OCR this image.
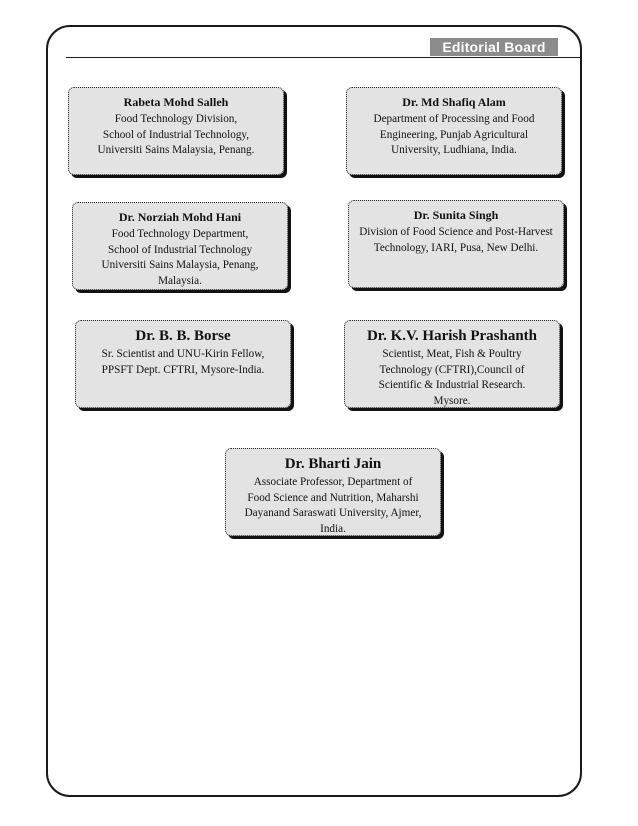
Editorial Board
Rabeta Mohd Salleh
Food Technology Division,
School of Industrial Technology,
Universiti Sains Malaysia, Penang.
Dr. Md Shafiq Alam
Department of Processing and Food
Engineering, Punjab Agricultural
University, Ludhiana, India.
Dr. Norziah Mohd Hani
Food Technology Department,
School of Industrial Technology
Universiti Sains Malaysia, Penang,
Malaysia.
Dr. Sunita Singh
Division of Food Science and Post-Harvest
Technology, IARI, Pusa, New Delhi.
Dr. B. B. Borse
Sr. Scientist and UNU-Kirin Fellow,
PPSFT Dept. CFTRI, Mysore-India.
Dr. K.V. Harish Prashanth
Scientist, Meat, Fish & Poultry
Technology (CFTRI),Council of
Scientific & Industrial Research.
Mysore.
Dr. Bharti Jain
Associate Professor, Department of
Food Science and Nutrition, Maharshi
Dayanand Saraswati University, Ajmer,
India.
